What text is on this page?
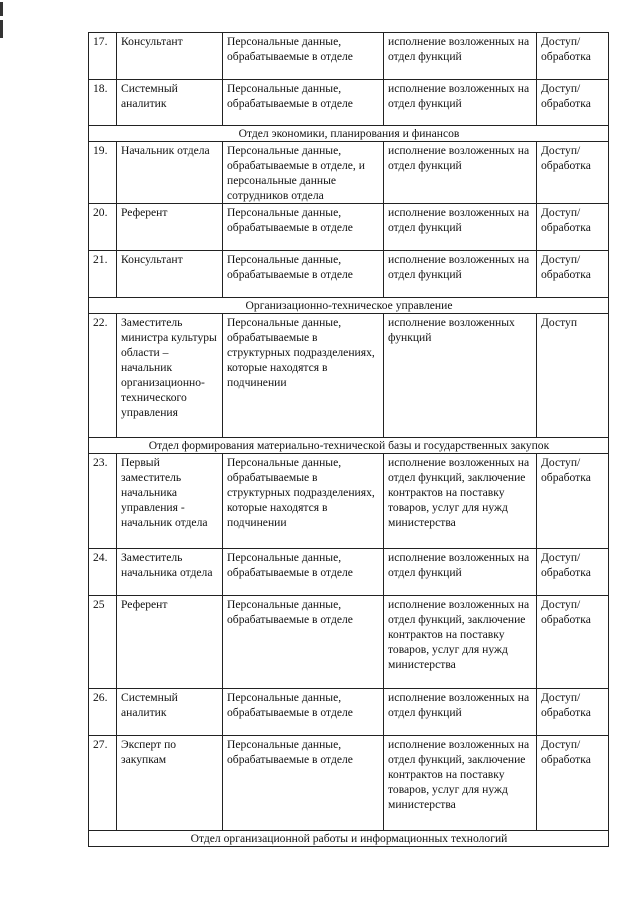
17.	Консультант	Персональные данные, обрабатываемые в отделе	исполнение возложенных на отдел функций	Доступ/ обработка
18.	Системный аналитик	Персональные данные, обрабатываемые в отделе	исполнение возложенных на отдел функций	Доступ/ обработка
Отдел экономики, планирования и финансов				
19.	Начальник отдела	Персональные данные, обрабатываемые в отделе, и персональные данные сотрудников отдела	исполнение возложенных на отдел функций	Доступ/ обработка
20.	Референт	Персональные данные, обрабатываемые в отделе	исполнение возложенных на отдел функций	Доступ/ обработка
21.	Консультант	Персональные данные, обрабатываемые в отделе	исполнение возложенных на отдел функций	Доступ/ обработка
Организационно-техническое управление				
22.	Заместитель министра культуры области – начальник организационно-технического управления	Персональные данные, обрабатываемые в структурных подразделениях, которые находятся в подчинении	исполнение возложенных функций	Доступ
Отдел формирования материально-технической базы и государственных закупок				
23.	Первый заместитель начальника управления - начальник отдела	Персональные данные, обрабатываемые в структурных подразделениях, которые находятся в подчинении	исполнение возложенных на отдел функций, заключение контрактов на поставку товаров, услуг для нужд министерства	Доступ/ обработка
24.	Заместитель начальника отдела	Персональные данные, обрабатываемые в отделе	исполнение возложенных на отдел функций	Доступ/ обработка
25	Референт	Персональные данные, обрабатываемые в отделе	исполнение возложенных на отдел функций, заключение контрактов на поставку товаров, услуг для нужд министерства	Доступ/ обработка
26.	Системный аналитик	Персональные данные, обрабатываемые в отделе	исполнение возложенных на отдел функций	Доступ/ обработка
27.	Эксперт по закупкам	Персональные данные, обрабатываемые в отделе	исполнение возложенных на отдел функций, заключение контрактов на поставку товаров, услуг для нужд министерства	Доступ/ обработка
Отдел организационной работы и информационных технологий				
